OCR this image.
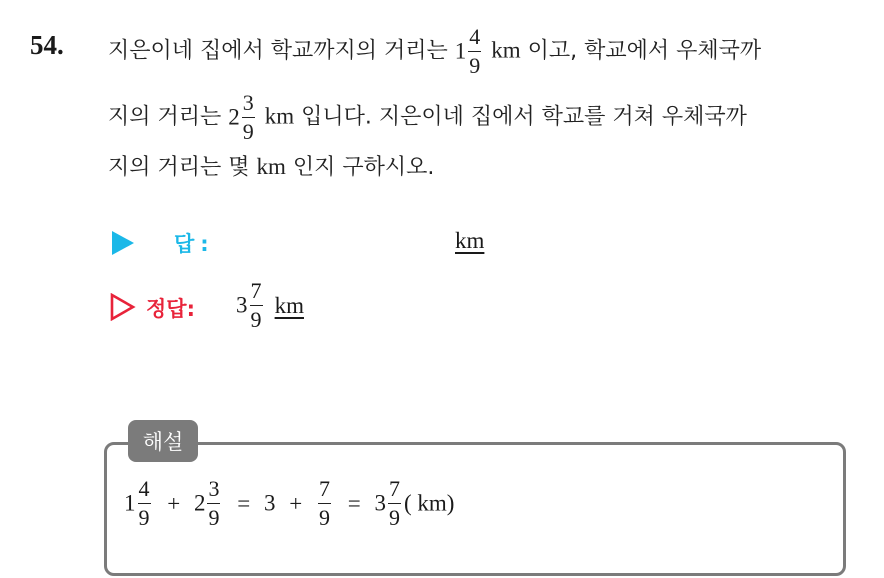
54. 지은이네 집에서 학교까지의 거리는 $1 \frac{4}{9}$ km 이고, 학교에서 우체국까
지의 거리는 $2 \frac{3}{9}$ km 입니다. 지은이네 집에서 학교를 거쳐 우체국까
지의 거리는 몇 km 인지 구하시오.
답:	km
정답: $3 \frac{7}{9}$ km
해설
$1 \frac{4}{9} + 2 \frac{3}{9} = 3 + \frac{7}{9} = 3 \frac{7}{9}$ ( km)
